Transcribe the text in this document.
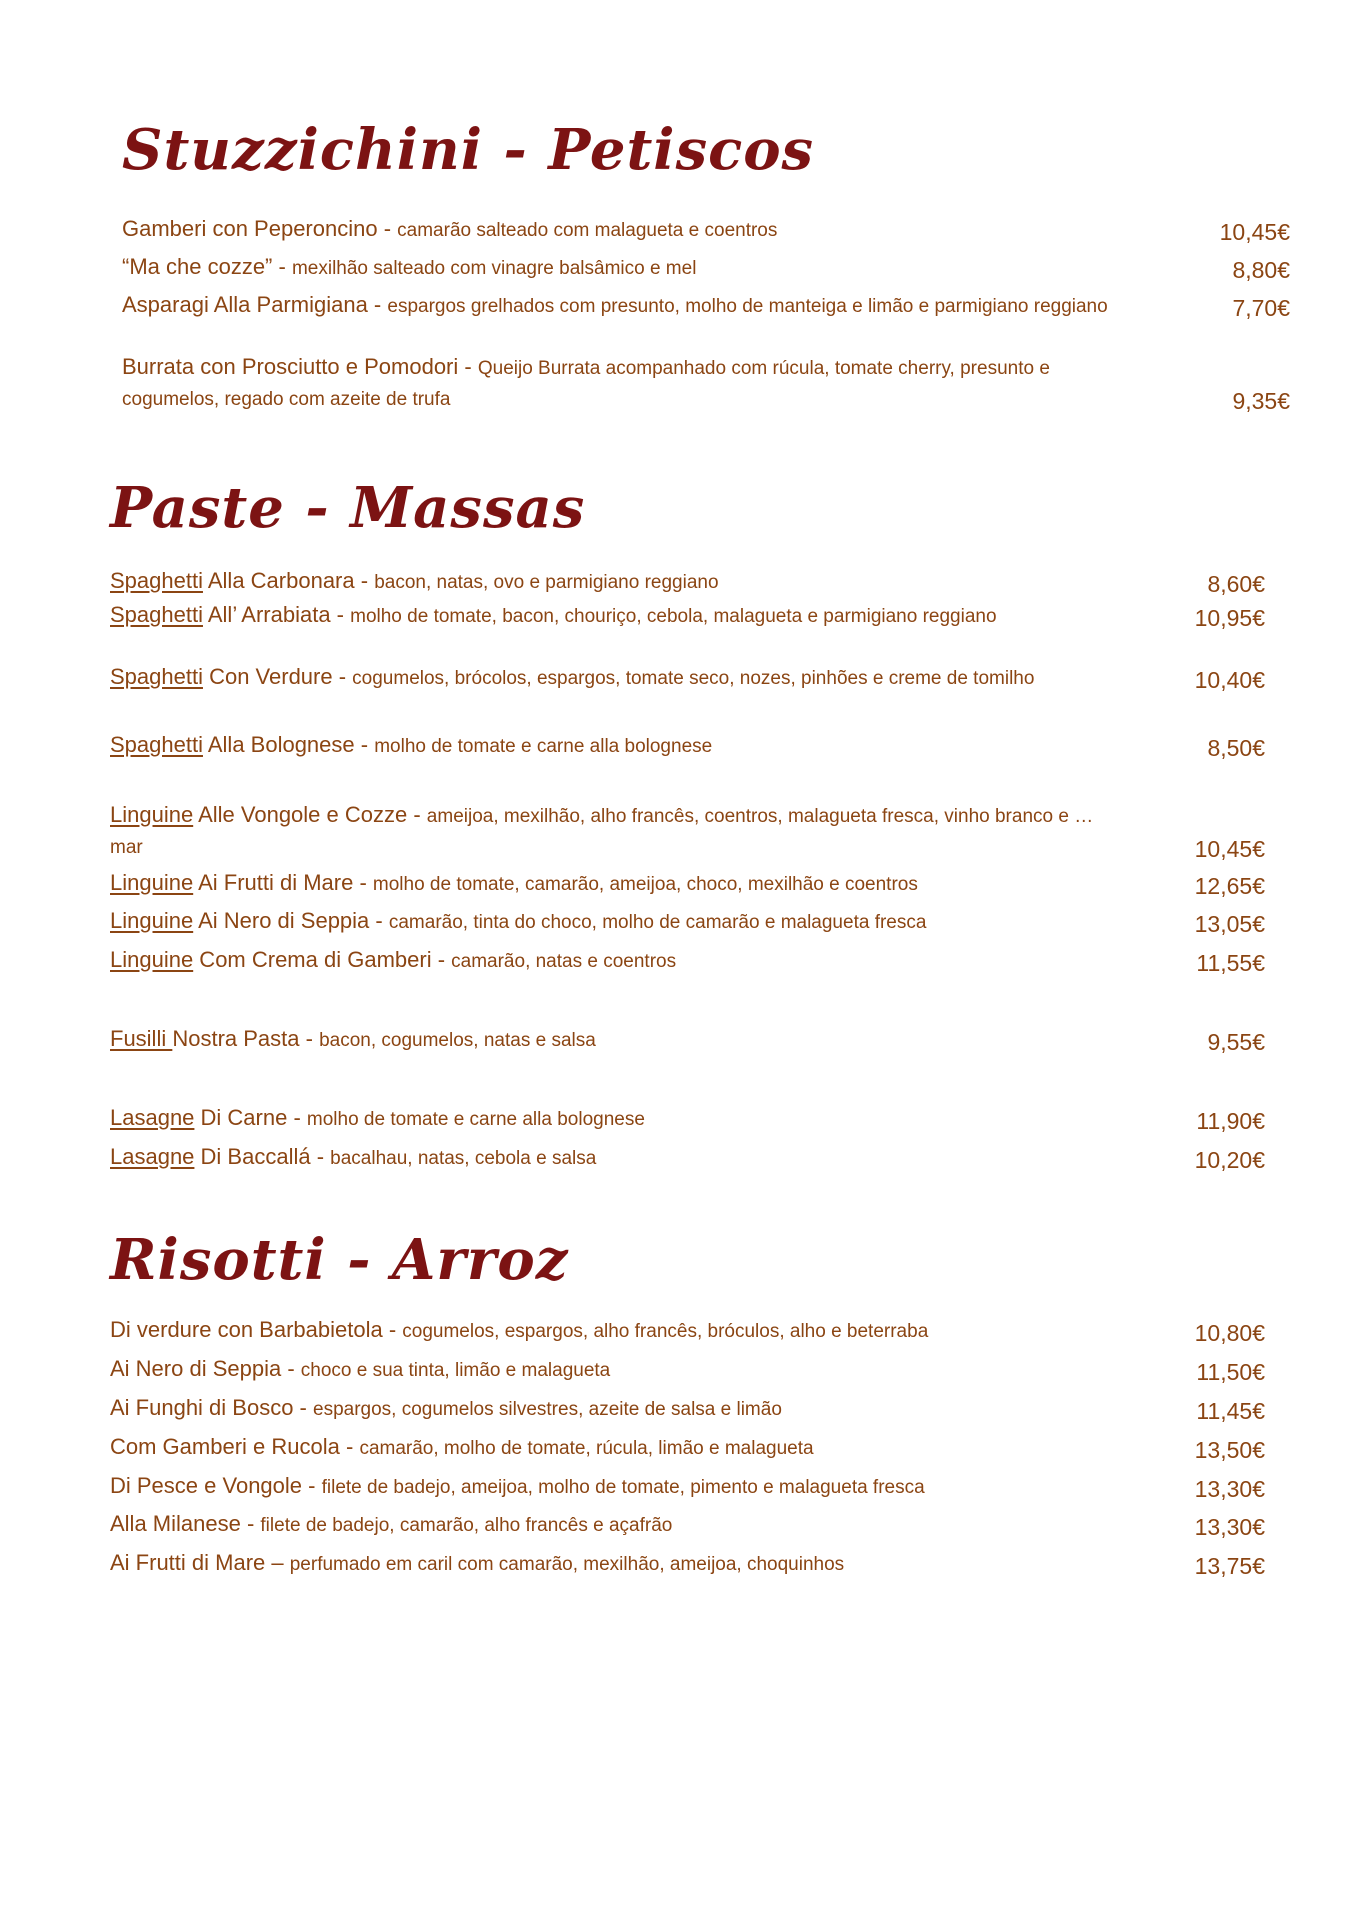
Stuzzichini - Petiscos
Gamberi con Peperoncino - camarão salteado com malagueta e coentros	10,45€
“Ma che cozze” - mexilhão salteado com vinagre balsâmico e mel	8,80€
Asparagi Alla Parmigiana - espargos grelhados com presunto, molho de manteiga e limão e parmigiano reggiano	7,70€
Burrata con Prosciutto e Pomodori - Queijo Burrata acompanhado com rúcula, tomate cherry, presunto e cogumelos, regado com azeite de trufa	9,35€
Paste - Massas
Spaghetti Alla Carbonara - bacon, natas, ovo e parmigiano reggiano	8,60€
Spaghetti All’ Arrabiata - molho de tomate, bacon, chouriço, cebola, malagueta e parmigiano reggiano	10,95€
Spaghetti Con Verdure - cogumelos, brócolos, espargos, tomate seco, nozes, pinhões e creme de tomilho	10,40€
Spaghetti Alla Bolognese - molho de tomate e carne alla bolognese	8,50€
Linguine Alle Vongole e Cozze - ameijoa, mexilhão, alho francês, coentros, malagueta fresca, vinho branco e … mar	10,45€
Linguine Ai Frutti di Mare - molho de tomate, camarão, ameijoa, choco, mexilhão e coentros	12,65€
Linguine Ai Nero di Seppia - camarão, tinta do choco, molho de camarão e malagueta fresca	13,05€
Linguine Com Crema di Gamberi - camarão, natas e coentros	11,55€
Fusilli Nostra Pasta - bacon, cogumelos, natas e salsa	9,55€
Lasagne Di Carne - molho de tomate e carne alla bolognese	11,90€
Lasagne Di Baccallá - bacalhau, natas, cebola e salsa	10,20€
Risotti - Arroz
Di verdure con Barbabietola - cogumelos, espargos, alho francês, bróculos, alho e beterraba	10,80€
Ai Nero di Seppia - choco e sua tinta, limão e malagueta	11,50€
Ai Funghi di Bosco - espargos, cogumelos silvestres, azeite de salsa e limão	11,45€
Com Gamberi e Rucola - camarão, molho de tomate, rúcula, limão e malagueta	13,50€
Di Pesce e Vongole - filete de badejo, ameijoa, molho de tomate, pimento e malagueta fresca	13,30€
Alla Milanese - filete de badejo, camarão, alho francês e açafrão	13,30€
Ai Frutti di Mare – perfumado em caril com camarão, mexilhão, ameijoa, choquinhos	13,75€
